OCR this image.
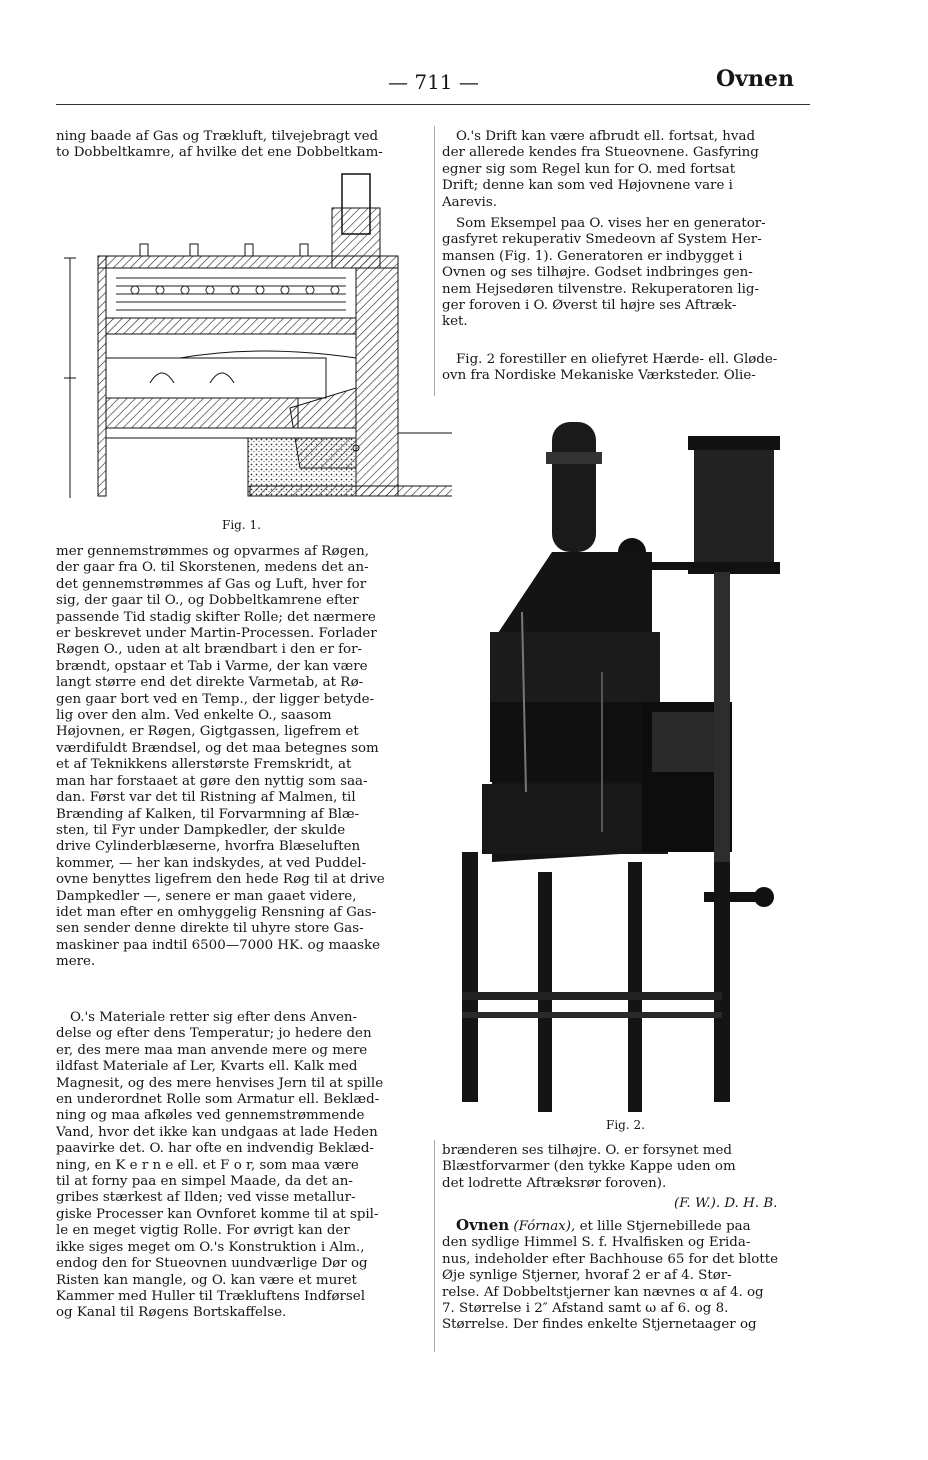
— 711 —	Ovnen
ning baade af Gas og Trækluft, tilvejebragt ved
to Dobbeltkamre, af hvilke det ene Dobbeltkam-
Fig. 1.
mer gennemstrømmes og opvarmes af Røgen,
der gaar fra O. til Skorstenen, medens det an-
det gennemstrømmes af Gas og Luft, hver for
sig, der gaar til O., og Dobbeltkamrene efter
passende Tid stadig skifter Rolle; det nærmere
er beskrevet under Martin-Processen. Forlader
Røgen O., uden at alt brændbart i den er for-
brændt, opstaar et Tab i Varme, der kan være
langt større end det direkte Varmetab, at Rø-
gen gaar bort ved en Temp., der ligger betyde-
lig over den alm. Ved enkelte O., saasom
Højovnen, er Røgen, Gigtgassen, ligefrem et
værdifuldt Brændsel, og det maa betegnes som
et af Teknikkens allerstørste Fremskridt, at
man har forstaaet at gøre den nyttig som saa-
dan. Først var det til Ristning af Malmen, til
Brænding af Kalken, til Forvarmning af Blæ-
sten, til Fyr under Dampkedler, der skulde
drive Cylinderblæserne, hvorfra Blæseluften
kommer, — her kan indskydes, at ved Puddel-
ovne benyttes ligefrem den hede Røg til at drive
Dampkedler —, senere er man gaaet videre,
idet man efter en omhyggelig Rensning af Gas-
sen sender denne direkte til uhyre store Gas-
maskiner paa indtil 6500—7000 HK. og maaske
mere.
O.'s Materiale retter sig efter dens Anven-
delse og efter dens Temperatur; jo hedere den
er, des mere maa man anvende mere og mere
ildfast Materiale af Ler, Kvarts ell. Kalk med
Magnesit, og des mere henvises Jern til at spille
en underordnet Rolle som Armatur ell. Beklæd-
ning og maa afkøles ved gennemstrømmende
Vand, hvor det ikke kan undgaas at lade Heden
paavirke det. O. har ofte en indvendig Beklæd-
ning, en K e r n e ell. et F o r, som maa være
til at forny paa en simpel Maade, da det an-
gribes stærkest af Ilden; ved visse metallur-
giske Processer kan Ovnforet komme til at spil-
le en meget vigtig Rolle. For øvrigt kan der
ikke siges meget om O.'s Konstruktion i Alm.,
endog den for Stueovnen uundværlige Dør og
Risten kan mangle, og O. kan være et muret
Kammer med Huller til Trækluftens Indførsel
og Kanal til Røgens Bortskaffelse.
O.'s Drift kan være afbrudt ell. fortsat, hvad
der allerede kendes fra Stueovnene. Gasfyring
egner sig som Regel kun for O. med fortsat
Drift; denne kan som ved Højovnene vare i
Aarevis.
Som Eksempel paa O. vises her en generator-
gasfyret rekuperativ Smedeovn af System Her-
mansen (Fig. 1). Generatoren er indbygget i
Ovnen og ses tilhøjre. Godset indbringes gen-
nem Hejsedøren tilvenstre. Rekuperatoren lig-
ger foroven i O. Øverst til højre ses Aftræk-
ket.
Fig. 2 forestiller en oliefyret Hærde- ell. Gløde-
ovn fra Nordiske Mekaniske Værksteder. Olie-
Fig. 2.
brænderen ses tilhøjre. O. er forsynet med
Blæstforvarmer (den tykke Kappe uden om
det lodrette Aftræksrør foroven).
(F. W.). D. H. B.
Ovnen (Fórnax), et lille Stjernebillede paa
den sydlige Himmel S. f. Hvalfisken og Erida-
nus, indeholder efter Bachhouse 65 for det blotte
Øje synlige Stjerner, hvoraf 2 er af 4. Stør-
relse. Af Dobbeltstjerner kan nævnes α af 4. og
7. Størrelse i 2″ Afstand samt ω af 6. og 8.
Størrelse. Der findes enkelte Stjernetaager og
